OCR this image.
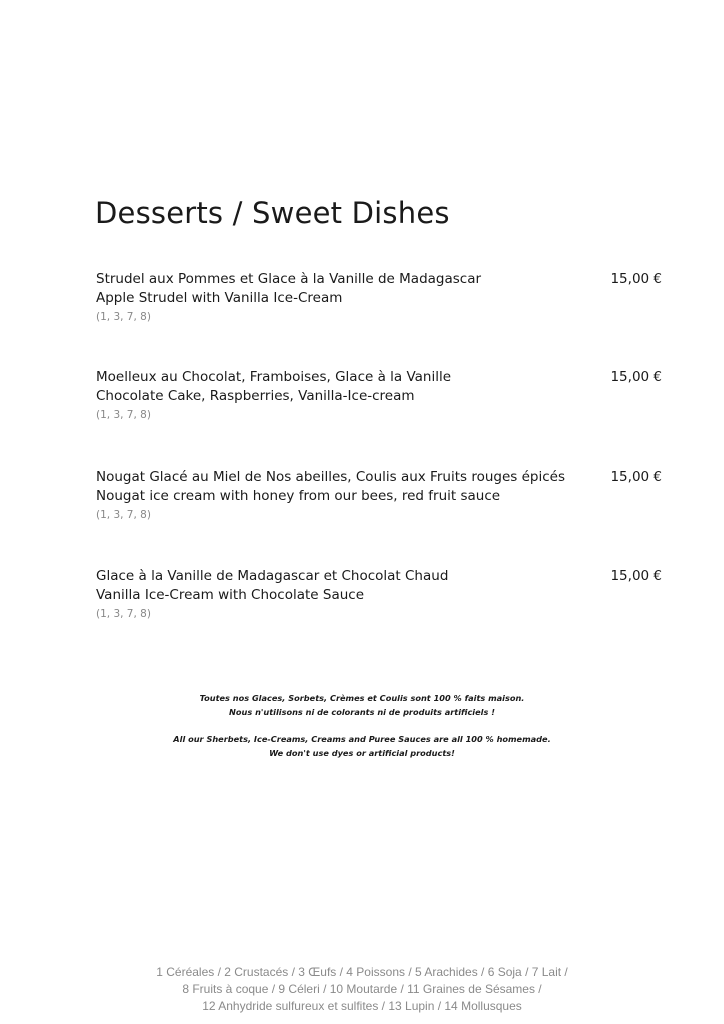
Desserts / Sweet Dishes
Strudel aux Pommes et Glace à la Vanille de Madagascar
Apple Strudel with Vanilla Ice-Cream
(1, 3, 7, 8)
15,00 €
Moelleux au Chocolat, Framboises, Glace à la Vanille
Chocolate Cake, Raspberries, Vanilla-Ice-cream
(1, 3, 7, 8)
15,00 €
Nougat Glacé au Miel de Nos abeilles, Coulis aux Fruits rouges épicés
Nougat ice cream with honey from our bees, red fruit sauce
(1, 3, 7, 8)
15,00 €
Glace à la Vanille de Madagascar et Chocolat Chaud
Vanilla Ice-Cream with Chocolate Sauce
(1, 3, 7, 8)
15,00 €
Toutes nos Glaces, Sorbets, Crèmes et Coulis sont 100 % faits maison.
Nous n'utilisons ni de colorants ni de produits artificiels !
All our Sherbets, Ice-Creams, Creams and Puree Sauces are all 100 % homemade.
We don't use dyes or artificial products!
1 Céréales / 2 Crustacés / 3 Œufs / 4 Poissons / 5 Arachides / 6 Soja / 7 Lait /
8 Fruits à coque / 9 Céleri / 10 Moutarde / 11 Graines de Sésames /
12 Anhydride sulfureux et sulfites / 13 Lupin / 14 Mollusques
